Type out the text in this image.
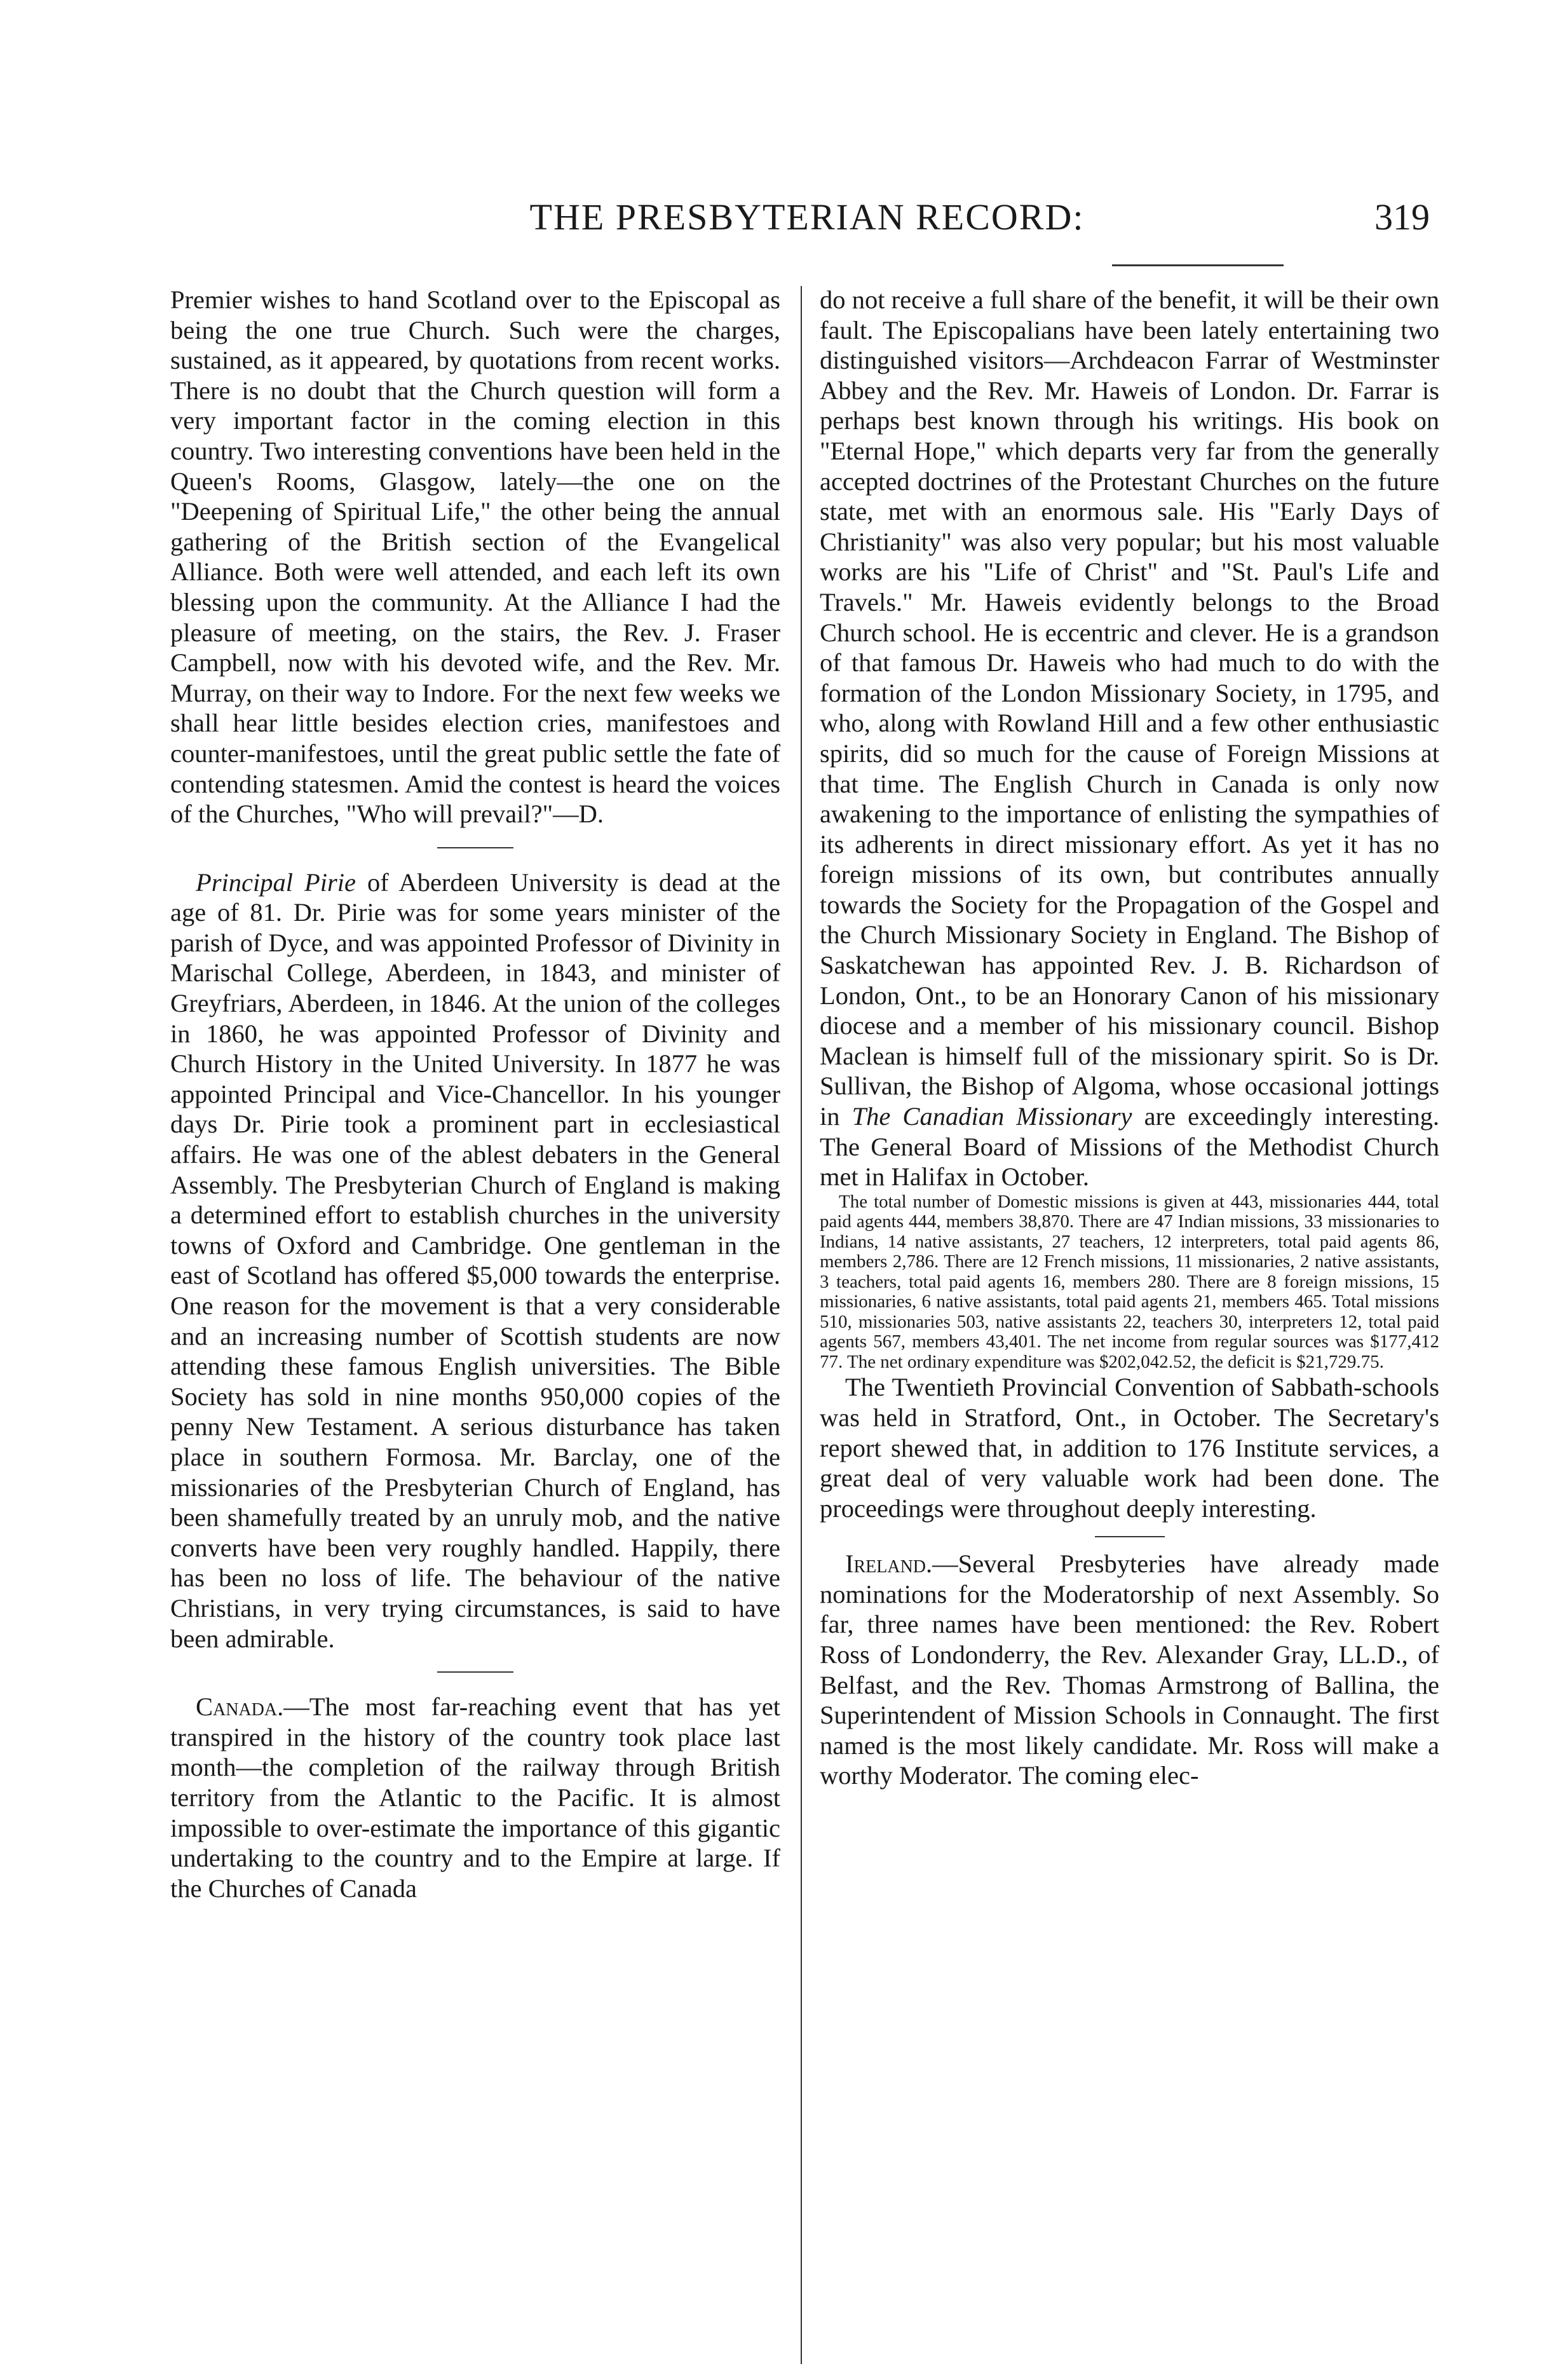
THE PRESBYTERIAN RECORD:	319

Premier wishes to hand Scotland over to the Episcopal as being the one true Church. Such were the charges, sustained, as it appeared, by quotations from recent works. There is no doubt that the Church question will form a very important factor in the coming election in this country. Two interesting conventions have been held in the Queen's Rooms, Glasgow, lately—the one on the "Deepening of Spiritual Life," the other being the annual gathering of the British section of the Evangelical Alliance. Both were well attended, and each left its own blessing upon the community. At the Alliance I had the pleasure of meeting, on the stairs, the Rev. J. Fraser Campbell, now with his devoted wife, and the Rev. Mr. Murray, on their way to Indore. For the next few weeks we shall hear little besides election cries, manifestoes and counter-manifestoes, until the great public settle the fate of contending statesmen. Amid the contest is heard the voices of the Churches, "Who will prevail?"—D.

Principal Pirie of Aberdeen University is dead at the age of 81. Dr. Pirie was for some years minister of the parish of Dyce, and was appointed Professor of Divinity in Marischal College, Aberdeen, in 1843, and minister of Greyfriars, Aberdeen, in 1846. At the union of the colleges in 1860, he was appointed Professor of Divinity and Church History in the United University. In 1877 he was appointed Principal and Vice-Chancellor. In his younger days Dr. Pirie took a prominent part in ecclesiastical affairs. He was one of the ablest debaters in the General Assembly. The Presbyterian Church of England is making a determined effort to establish churches in the university towns of Oxford and Cambridge. One gentleman in the east of Scotland has offered $5,000 towards the enterprise. One reason for the movement is that a very considerable and an increasing number of Scottish students are now attending these famous English universities. The Bible Society has sold in nine months 950,000 copies of the penny New Testament. A serious disturbance has taken place in southern Formosa. Mr. Barclay, one of the missionaries of the Presbyterian Church of England, has been shamefully treated by an unruly mob, and the native converts have been very roughly handled. Happily, there has been no loss of life. The behaviour of the native Christians, in very trying circumstances, is said to have been admirable.

Canada.—The most far-reaching event that has yet transpired in the history of the country took place last month—the completion of the railway through British territory from the Atlantic to the Pacific. It is almost impossible to over-estimate the importance of this gigantic undertaking to the country and to the Empire at large. If the Churches of Canada

do not receive a full share of the benefit, it will be their own fault. The Episcopalians have been lately entertaining two distinguished visitors—Archdeacon Farrar of Westminster Abbey and the Rev. Mr. Haweis of London. Dr. Farrar is perhaps best known through his writings. His book on "Eternal Hope," which departs very far from the generally accepted doctrines of the Protestant Churches on the future state, met with an enormous sale. His "Early Days of Christianity" was also very popular; but his most valuable works are his "Life of Christ" and "St. Paul's Life and Travels." Mr. Haweis evidently belongs to the Broad Church school. He is eccentric and clever. He is a grandson of that famous Dr. Haweis who had much to do with the formation of the London Missionary Society, in 1795, and who, along with Rowland Hill and a few other enthusiastic spirits, did so much for the cause of Foreign Missions at that time. The English Church in Canada is only now awakening to the importance of enlisting the sympathies of its adherents in direct missionary effort. As yet it has no foreign missions of its own, but contributes annually towards the Society for the Propagation of the Gospel and the Church Missionary Society in England. The Bishop of Saskatchewan has appointed Rev. J. B. Richardson of London, Ont., to be an Honorary Canon of his missionary diocese and a member of his missionary council. Bishop Maclean is himself full of the missionary spirit. So is Dr. Sullivan, the Bishop of Algoma, whose occasional jottings in The Canadian Missionary are exceedingly interesting. The General Board of Missions of the Methodist Church met in Halifax in October.

The total number of Domestic missions is given at 443, missionaries 444, total paid agents 444, members 38,870. There are 47 Indian missions, 33 missionaries to Indians, 14 native assistants, 27 teachers, 12 interpreters, total paid agents 86, members 2,786. There are 12 French missions, 11 missionaries, 2 native assistants, 3 teachers, total paid agents 16, members 280. There are 8 foreign missions, 15 missionaries, 6 native assistants, total paid agents 21, members 465. Total missions 510, missionaries 503, native assistants 22, teachers 30, interpreters 12, total paid agents 567, members 43,401. The net income from regular sources was $177,412 77. The net ordinary expenditure was $202,042.52, the deficit is $21,729.75.

The Twentieth Provincial Convention of Sabbath-schools was held in Stratford, Ont., in October. The Secretary's report shewed that, in addition to 176 Institute services, a great deal of very valuable work had been done. The proceedings were throughout deeply interesting.

Ireland.—Several Presbyteries have already made nominations for the Moderatorship of next Assembly. So far, three names have been mentioned: the Rev. Robert Ross of Londonderry, the Rev. Alexander Gray, LL.D., of Belfast, and the Rev. Thomas Armstrong of Ballina, the Superintendent of Mission Schools in Connaught. The first named is the most likely candidate. Mr. Ross will make a worthy Moderator. The coming elec-
